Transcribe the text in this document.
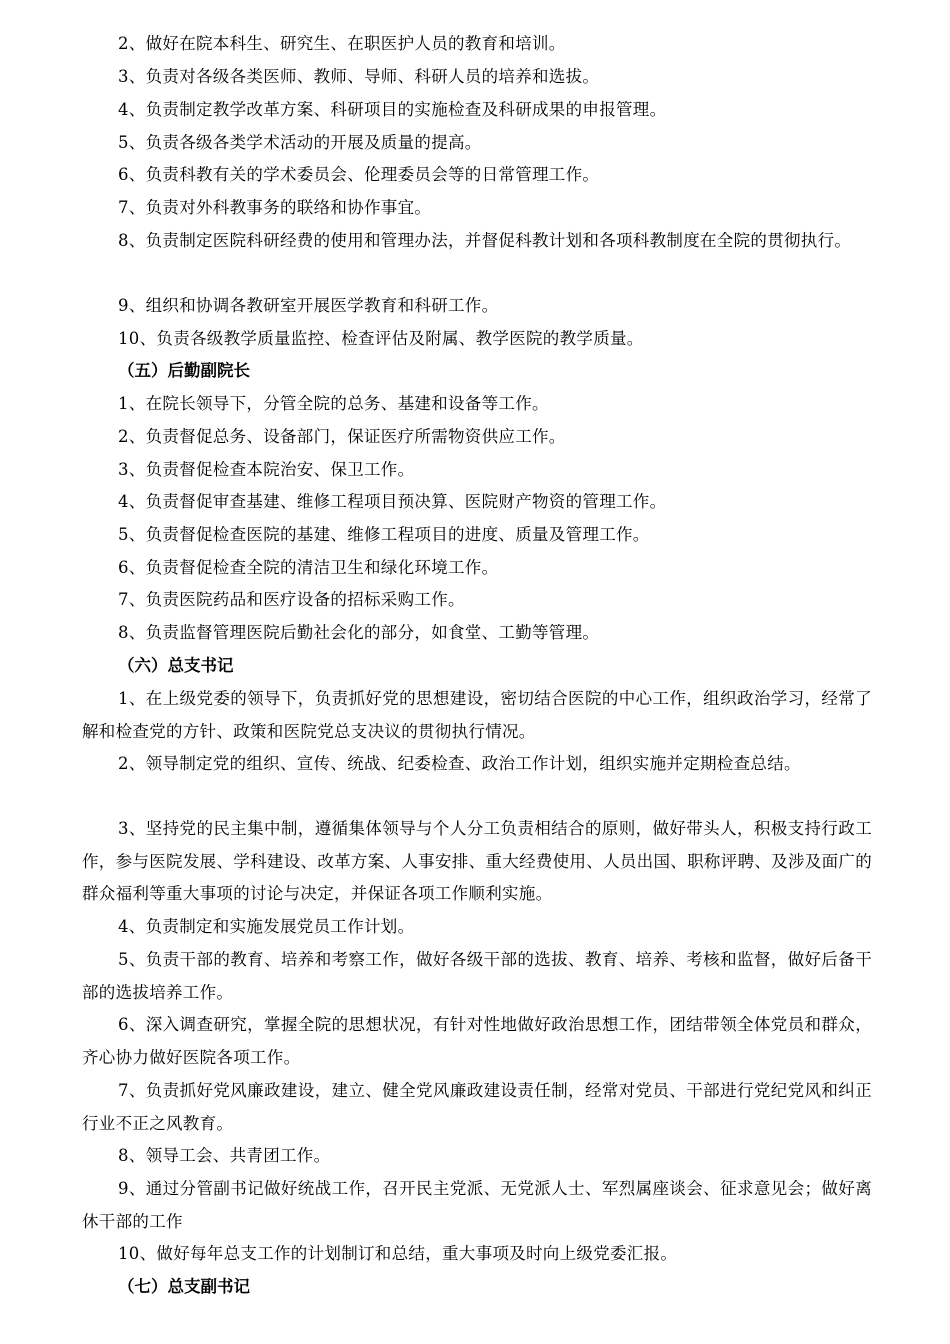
2、做好在院本科生、研究生、在职医护人员的教育和培训。

3、负责对各级各类医师、教师、导师、科研人员的培养和选拔。

4、负责制定教学改革方案、科研项目的实施检查及科研成果的申报管理。

5、负责各级各类学术活动的开展及质量的提高。

6、负责科教有关的学术委员会、伦理委员会等的日常管理工作。

7、负责对外科教事务的联络和协作事宜。

8、负责制定医院科研经费的使用和管理办法，并督促科教计划和各项科教制度在全院的贯彻执行。

9、组织和协调各教研室开展医学教育和科研工作。

10、负责各级教学质量监控、检查评估及附属、教学医院的教学质量。

（五）后勤副院长

1、在院长领导下，分管全院的总务、基建和设备等工作。

2、负责督促总务、设备部门，保证医疗所需物资供应工作。

3、负责督促检查本院治安、保卫工作。

4、负责督促审查基建、维修工程项目预决算、医院财产物资的管理工作。

5、负责督促检查医院的基建、维修工程项目的进度、质量及管理工作。

6、负责督促检查全院的清洁卫生和绿化环境工作。

7、负责医院药品和医疗设备的招标采购工作。

8、负责监督管理医院后勤社会化的部分，如食堂、工勤等管理。

（六）总支书记

1、在上级党委的领导下，负责抓好党的思想建设，密切结合医院的中心工作，组织政治学习，经常了解和检查党的方针、政策和医院党总支决议的贯彻执行情况。

2、领导制定党的组织、宣传、统战、纪委检查、政治工作计划，组织实施并定期检查总结。

3、坚持党的民主集中制，遵循集体领导与个人分工负责相结合的原则，做好带头人，积极支持行政工作，参与医院发展、学科建设、改革方案、人事安排、重大经费使用、人员出国、职称评聘、及涉及面广的群众福利等重大事项的讨论与决定，并保证各项工作顺利实施。

4、负责制定和实施发展党员工作计划。

5、负责干部的教育、培养和考察工作，做好各级干部的选拔、教育、培养、考核和监督，做好后备干部的选拔培养工作。

6、深入调查研究，掌握全院的思想状况，有针对性地做好政治思想工作，团结带领全体党员和群众，齐心协力做好医院各项工作。

7、负责抓好党风廉政建设，建立、健全党风廉政建设责任制，经常对党员、干部进行党纪党风和纠正行业不正之风教育。

8、领导工会、共青团工作。

9、通过分管副书记做好统战工作，召开民主党派、无党派人士、军烈属座谈会、征求意见会；做好离休干部的工作

10、做好每年总支工作的计划制订和总结，重大事项及时向上级党委汇报。

（七）总支副书记
